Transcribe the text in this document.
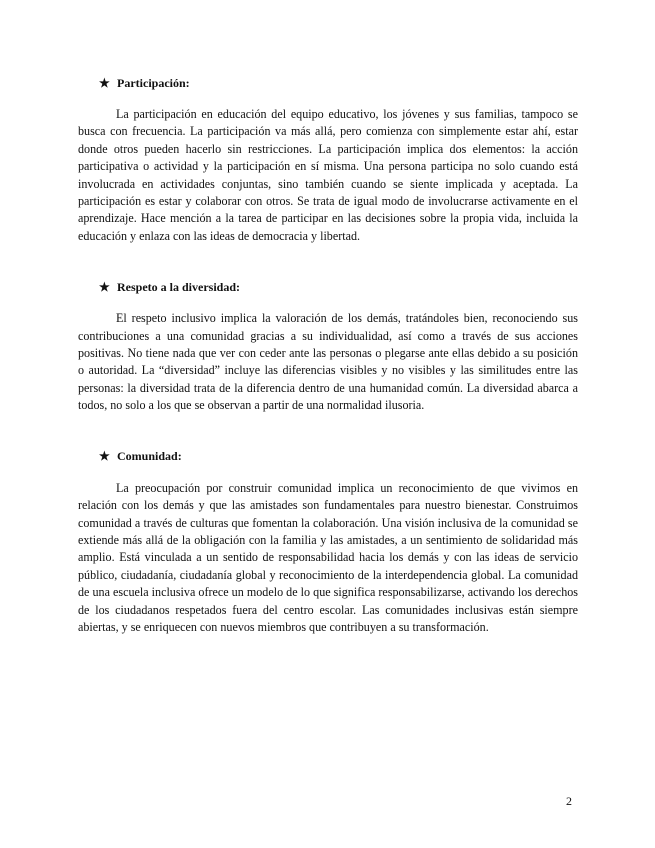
★ Participación:

La participación en educación del equipo educativo, los jóvenes y sus familias, tampoco se busca con frecuencia. La participación va más allá, pero comienza con simplemente estar ahí, estar donde otros pueden hacerlo sin restricciones. La participación implica dos elementos: la acción participativa o actividad y la participación en sí misma. Una persona participa no solo cuando está involucrada en actividades conjuntas, sino también cuando se siente implicada y aceptada. La participación es estar y colaborar con otros. Se trata de igual modo de involucrarse activamente en el aprendizaje. Hace mención a la tarea de participar en las decisiones sobre la propia vida, incluida la educación y enlaza con las ideas de democracia y libertad.

★ Respeto a la diversidad:

El respeto inclusivo implica la valoración de los demás, tratándoles bien, reconociendo sus contribuciones a una comunidad gracias a su individualidad, así como a través de sus acciones positivas. No tiene nada que ver con ceder ante las personas o plegarse ante ellas debido a su posición o autoridad. La “diversidad” incluye las diferencias visibles y no visibles y las similitudes entre las personas: la diversidad trata de la diferencia dentro de una humanidad común. La diversidad abarca a todos, no solo a los que se observan a partir de una normalidad ilusoria.

★ Comunidad:

La preocupación por construir comunidad implica un reconocimiento de que vivimos en relación con los demás y que las amistades son fundamentales para nuestro bienestar. Construimos comunidad a través de culturas que fomentan la colaboración. Una visión inclusiva de la comunidad se extiende más allá de la obligación con la familia y las amistades, a un sentimiento de solidaridad más amplio. Está vinculada a un sentido de responsabilidad hacia los demás y con las ideas de servicio público, ciudadanía, ciudadanía global y reconocimiento de la interdependencia global. La comunidad de una escuela inclusiva ofrece un modelo de lo que significa responsabilizarse, activando los derechos de los ciudadanos respetados fuera del centro escolar. Las comunidades inclusivas están siempre abiertas, y se enriquecen con nuevos miembros que contribuyen a su transformación.

2
